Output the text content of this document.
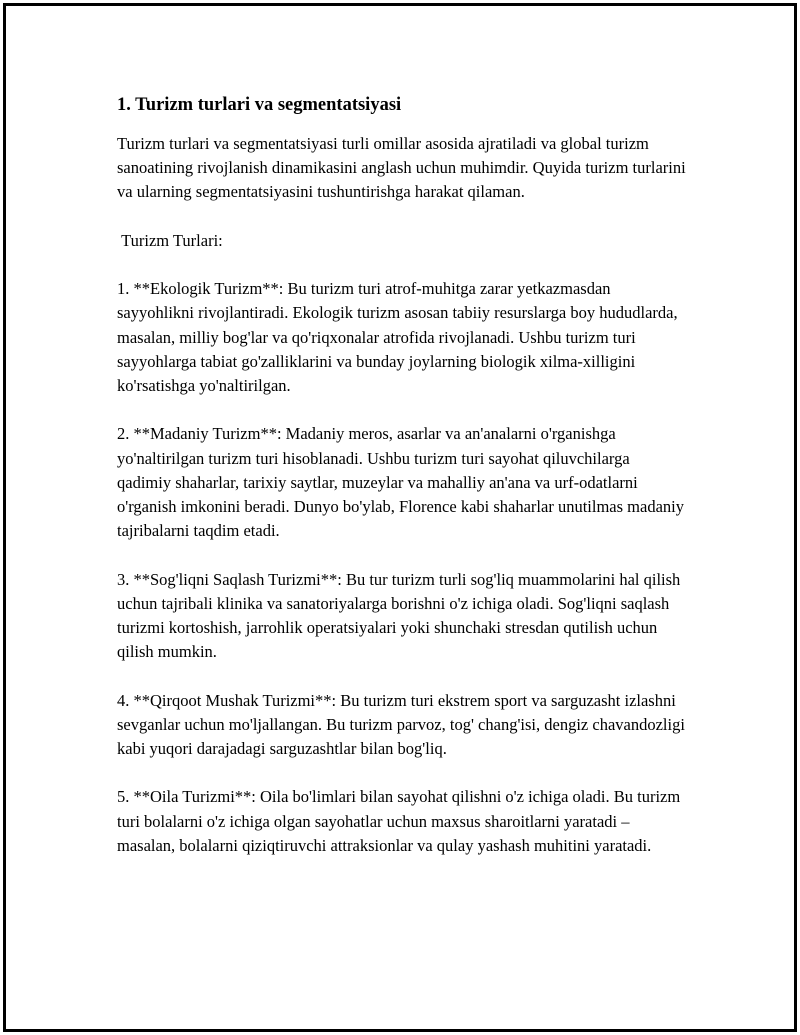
1. Turizm turlari va segmentatsiyasi

Turizm turlari va segmentatsiyasi turli omillar asosida ajratiladi va global turizm sanoatining rivojlanish dinamikasini anglash uchun muhimdir. Quyida turizm turlarini va ularning segmentatsiyasini tushuntirishga harakat qilaman.

Turizm Turlari:

1. **Ekologik Turizm**: Bu turizm turi atrof-muhitga zarar yetkazmasdan sayyohlikni rivojlantiradi. Ekologik turizm asosan tabiiy resurslarga boy hududlarda, masalan, milliy bog'lar va qo'riqxonalar atrofida rivojlanadi. Ushbu turizm turi sayyohlarga tabiat go'zalliklarini va bunday joylarning biologik xilma-xilligini ko'rsatishga yo'naltirilgan.

2. **Madaniy Turizm**: Madaniy meros, asarlar va an'analarni o'rganishga yo'naltirilgan turizm turi hisoblanadi. Ushbu turizm turi sayohat qiluvchilarga qadimiy shaharlar, tarixiy saytlar, muzeylar va mahalliy an'ana va urf-odatlarni o'rganish imkonini beradi. Dunyo bo'ylab, Florence kabi shaharlar unutilmas madaniy tajribalarni taqdim etadi.

3. **Sog'liqni Saqlash Turizmi**: Bu tur turizm turli sog'liq muammolarini hal qilish uchun tajribali klinika va sanatoriyalarga borishni o'z ichiga oladi. Sog'liqni saqlash turizmi kortoshish, jarrohlik operatsiyalari yoki shunchaki stresdan qutilish uchun qilish mumkin.

4. **Qirqoot Mushak Turizmi**: Bu turizm turi ekstrem sport va sarguzasht izlashni sevganlar uchun mo'ljallangan. Bu turizm parvoz, tog' chang'isi, dengiz chavandozligi kabi yuqori darajadagi sarguzashtlar bilan bog'liq.

5. **Oila Turizmi**: Oila bo'limlari bilan sayohat qilishni o'z ichiga oladi. Bu turizm turi bolalarni o'z ichiga olgan sayohatlar uchun maxsus sharoitlarni yaratadi – masalan, bolalarni qiziqtiruvchi attraksionlar va qulay yashash muhitini yaratadi.
